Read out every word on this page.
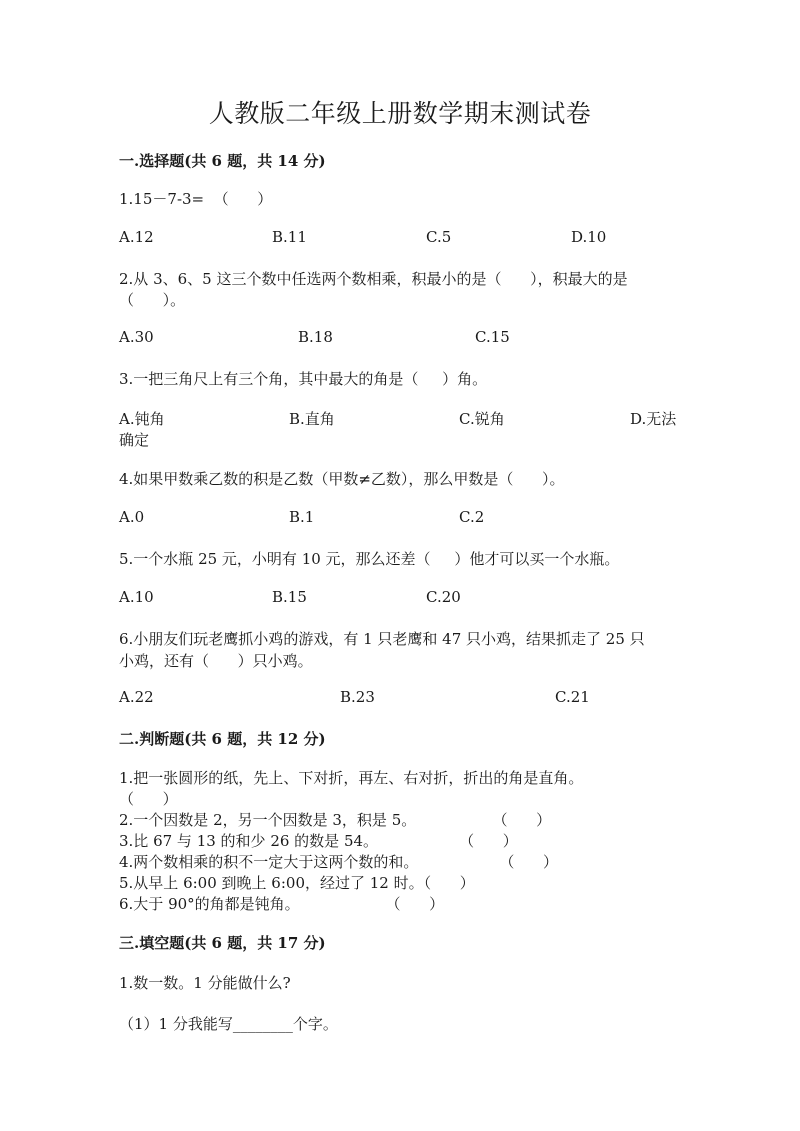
人教版二年级上册数学期末测试卷
一.选择题(共 6 题，共 14 分)
1.15－7-3=  （      ）
A.12	B.11	C.5	D.10
2.从 3、6、5 这三个数中任选两个数相乘，积最小的是（      ），积最大的是
（      ）。
A.30	B.18	C.15
3.一把三角尺上有三个角，其中最大的角是（     ）角。
A.钝角	B.直角	C.锐角	D.无法
确定
4.如果甲数乘乙数的积是乙数（甲数≠乙数），那么甲数是（      ）。
A.0	B.1	C.2
5.一个水瓶 25 元，小明有 10 元，那么还差（     ）他才可以买一个水瓶。
A.10	B.15	C.20
6.小朋友们玩老鹰抓小鸡的游戏，有 1 只老鹰和 47 只小鸡，结果抓走了 25 只
小鸡，还有（      ）只小鸡。
A.22	B.23	C.21
二.判断题(共 6 题，共 12 分)
1.把一张圆形的纸，先上、下对折，再左、右对折，折出的角是直角。
（      ）
2.一个因数是 2，另一个因数是 3，积是 5。                （      ）
3.比 67 与 13 的和少 26 的数是 54。                 （      ）
4.两个数相乘的积不一定大于这两个数的和。                 （      ）
5.从早上 6:00 到晚上 6:00，经过了 12 时。（      ）
6.大于 90°的角都是钝角。                  （      ）
三.填空题(共 6 题，共 17 分)
1.数一数。1 分能做什么?
（1）1 分我能写________个字。
